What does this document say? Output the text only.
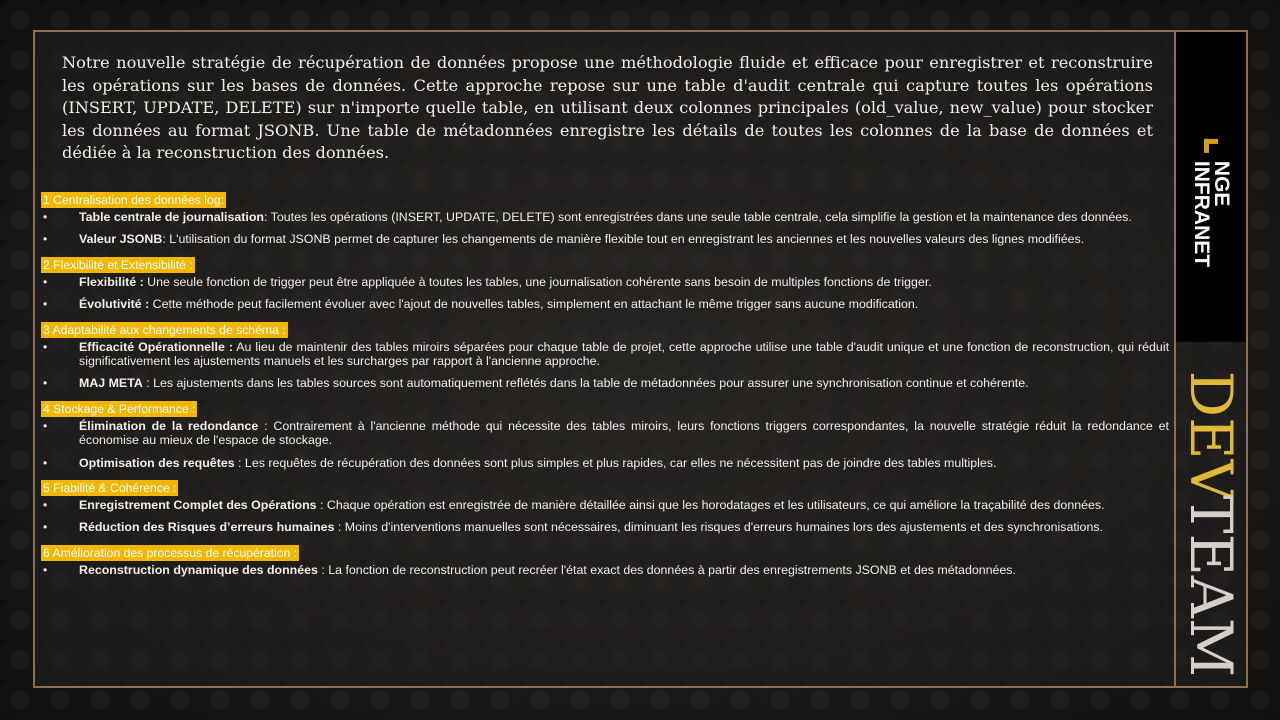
Notre nouvelle stratégie de récupération de données propose une méthodologie fluide et efficace pour enregistrer et reconstruire les opérations sur les bases de données. Cette approche repose sur une table d'audit centrale qui capture toutes les opérations (INSERT, UPDATE, DELETE) sur n'importe quelle table, en utilisant deux colonnes principales (old_value, new_value) pour stocker les données au format JSONB. Une table de métadonnées enregistre les détails de toutes les colonnes de la base de données et dédiée à la reconstruction des données.

1 Centralisation des données log:
• Table centrale de journalisation: Toutes les opérations (INSERT, UPDATE, DELETE) sont enregistrées dans une seule table centrale, cela simplifie la gestion et la maintenance des données.
• Valeur JSONB: L'utilisation du format JSONB permet de capturer les changements de manière flexible tout en enregistrant les anciennes et les nouvelles valeurs des lignes modifiées.
2 Flexibilité et Extensibilité :
• Flexibilité : Une seule fonction de trigger peut être appliquée à toutes les tables, une journalisation cohérente sans besoin de multiples fonctions de trigger.
• Évolutivité : Cette méthode peut facilement évoluer avec l'ajout de nouvelles tables, simplement en attachant le même trigger sans aucune modification.
3 Adaptabilité aux changements de schéma :
• Efficacité Opérationnelle : Au lieu de maintenir des tables miroirs séparées pour chaque table de projet, cette approche utilise une table d'audit unique et une fonction de reconstruction, qui réduit significativement les ajustements manuels et les surcharges par rapport à l'ancienne approche.
• MAJ META : Les ajustements dans les tables sources sont automatiquement reflétés dans la table de métadonnées pour assurer une synchronisation continue et cohérente.
4 Stockage & Performance :
• Élimination de la redondance : Contrairement à l'ancienne méthode qui nécessite des tables miroirs, leurs fonctions triggers correspondantes, la nouvelle stratégie réduit la redondance et économise au mieux de l'espace de stockage.
• Optimisation des requêtes : Les requêtes de récupération des données sont plus simples et plus rapides, car elles ne nécessitent pas de joindre des tables multiples.
5 Fiabilité & Cohérence :
• Enregistrement Complet des Opérations : Chaque opération est enregistrée de manière détaillée ainsi que les horodatages et les utilisateurs, ce qui améliore la traçabilité des données.
• Réduction des Risques d’erreurs humaines : Moins d'interventions manuelles sont nécessaires, diminuant les risques d'erreurs humaines lors des ajustements et des synchronisations.
6 Amélioration des processus de récupération :
• Reconstruction dynamique des données : La fonction de reconstruction peut recréer l'état exact des données à partir des enregistrements JSONB et des métadonnées.
NGE
INFRANET
DEV
TEAM
